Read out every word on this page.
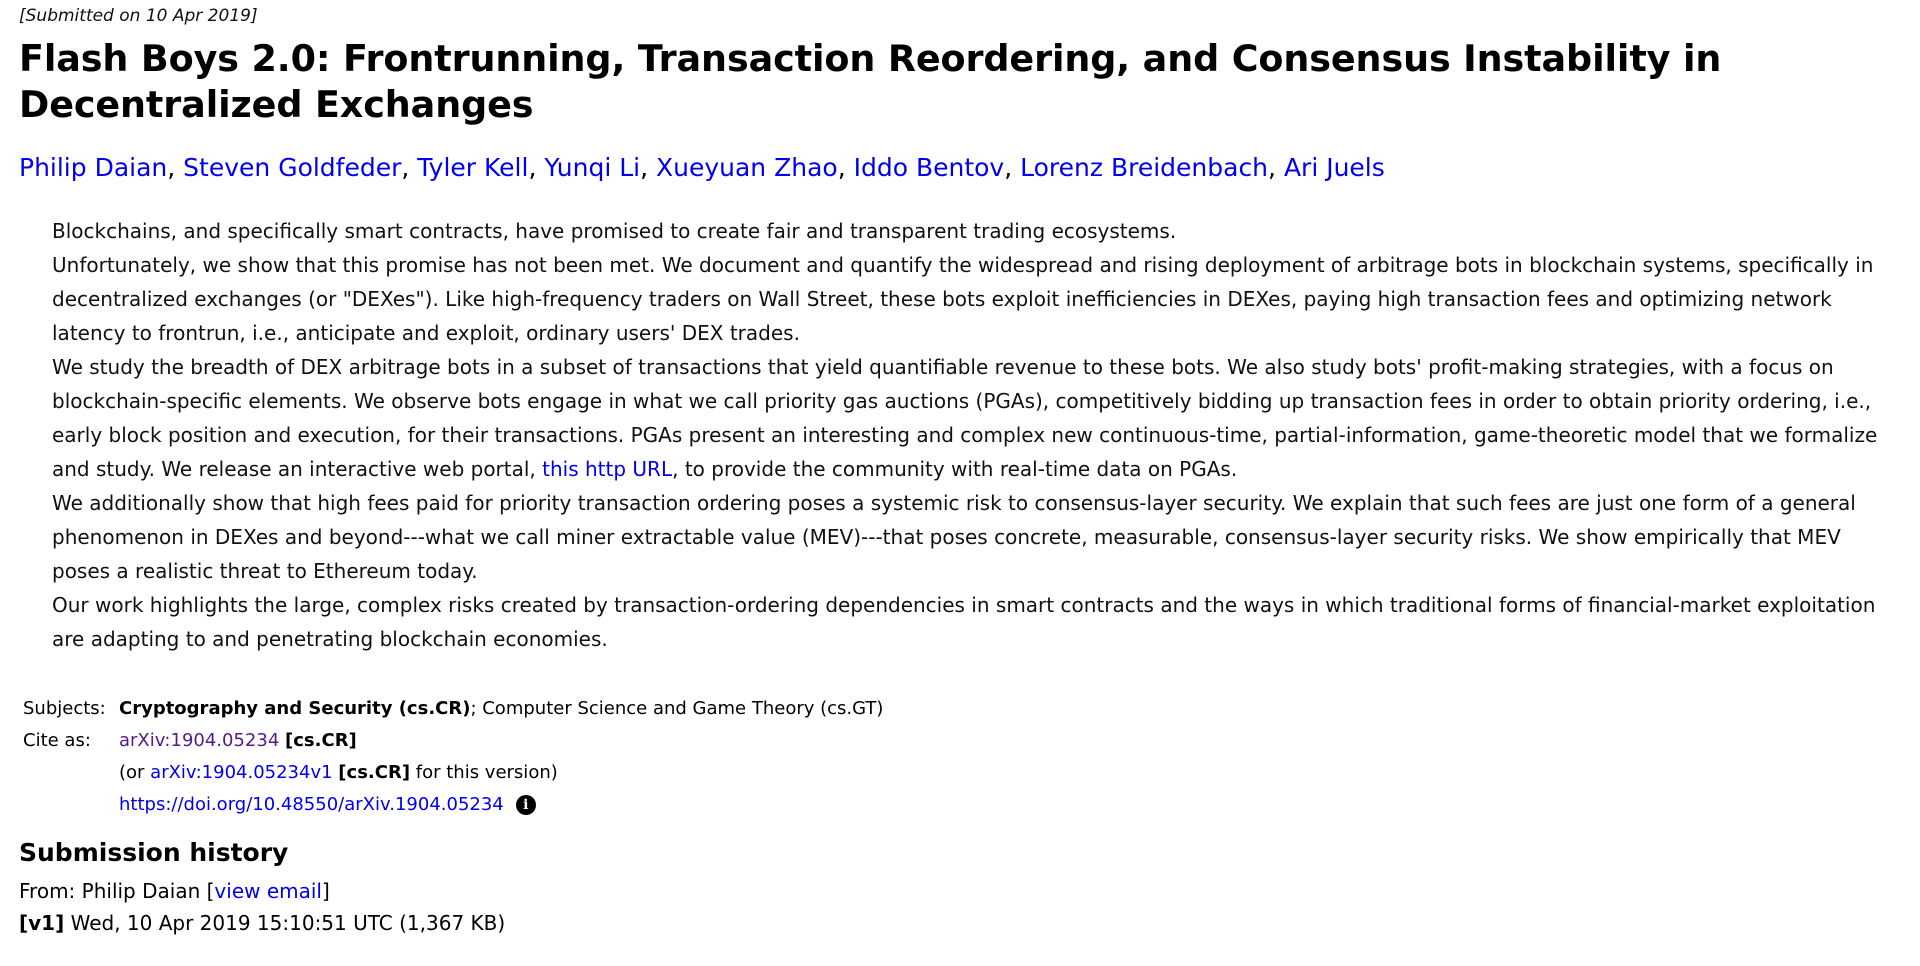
[Submitted on 10 Apr 2019]
Flash Boys 2.0: Frontrunning, Transaction Reordering, and Consensus Instability in Decentralized Exchanges
Philip Daian, Steven Goldfeder, Tyler Kell, Yunqi Li, Xueyuan Zhao, Iddo Bentov, Lorenz Breidenbach, Ari Juels

Blockchains, and specifically smart contracts, have promised to create fair and transparent trading ecosystems.

Unfortunately, we show that this promise has not been met. We document and quantify the widespread and rising deployment of arbitrage bots in blockchain systems, specifically in decentralized exchanges (or "DEXes"). Like high-frequency traders on Wall Street, these bots exploit inefficiencies in DEXes, paying high transaction fees and optimizing network latency to frontrun, i.e., anticipate and exploit, ordinary users' DEX trades.

We study the breadth of DEX arbitrage bots in a subset of transactions that yield quantifiable revenue to these bots. We also study bots' profit-making strategies, with a focus on blockchain-specific elements. We observe bots engage in what we call priority gas auctions (PGAs), competitively bidding up transaction fees in order to obtain priority ordering, i.e., early block position and execution, for their transactions. PGAs present an interesting and complex new continuous-time, partial-information, game-theoretic model that we formalize and study. We release an interactive web portal, this http URL, to provide the community with real-time data on PGAs.

We additionally show that high fees paid for priority transaction ordering poses a systemic risk to consensus-layer security. We explain that such fees are just one form of a general phenomenon in DEXes and beyond---what we call miner extractable value (MEV)---that poses concrete, measurable, consensus-layer security risks. We show empirically that MEV poses a realistic threat to Ethereum today.

Our work highlights the large, complex risks created by transaction-ordering dependencies in smart contracts and the ways in which traditional forms of financial-market exploitation are adapting to and penetrating blockchain economies.

Subjects:	Cryptography and Security (cs.CR); Computer Science and Game Theory (cs.GT)
Cite as:	arXiv:1904.05234 [cs.CR]
	(or arXiv:1904.05234v1 [cs.CR] for this version)
	https://doi.org/10.48550/arXiv.1904.05234 i
Submission history
From: Philip Daian [view email]
[v1] Wed, 10 Apr 2019 15:10:51 UTC (1,367 KB)
